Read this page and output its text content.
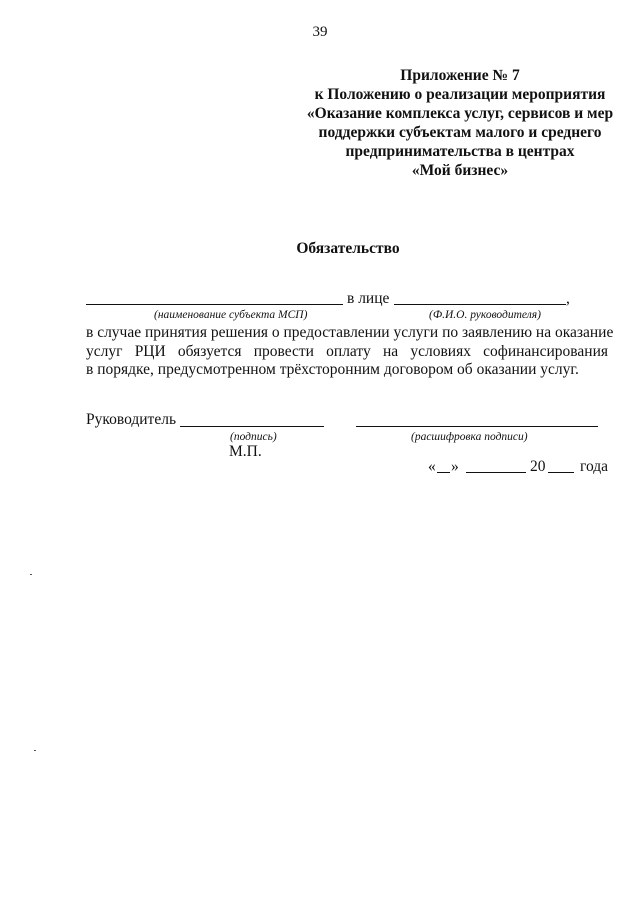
39
Приложение № 7
к Положению о реализации мероприятия
«Оказание комплекса услуг, сервисов и мер
поддержки субъектам малого и среднего
предпринимательства в центрах
«Мой бизнес»
Обязательство
в лице	,
(наименование субъекта МСП)	(Ф.И.О. руководителя)
в случае принятия решения о предоставлении услуги по заявлению на оказание
услуг РЦИ обязуется провести оплату на условиях софинансирования
в порядке, предусмотренном трёхсторонним договором об оказании услуг.
Руководитель
(подпись)	(расшифровка подписи)
М.П.
« »	20 года
